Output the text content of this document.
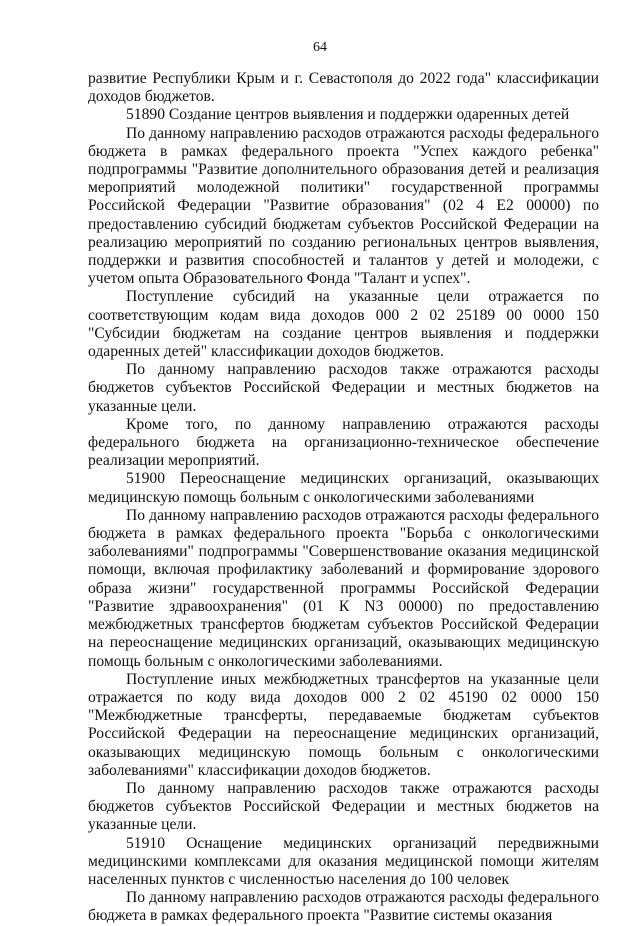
64

развитие Республики Крым и г. Севастополя до 2022 года" классификации доходов бюджетов.

51890 Создание центров выявления и поддержки одаренных детей

По данному направлению расходов отражаются расходы федерального бюджета в рамках федерального проекта "Успех каждого ребенка" подпрограммы "Развитие дополнительного образования детей и реализация мероприятий молодежной политики" государственной программы Российской Федерации "Развитие образования" (02 4 E2 00000) по предоставлению субсидий бюджетам субъектов Российской Федерации на реализацию мероприятий по созданию региональных центров выявления, поддержки и развития способностей и талантов у детей и молодежи, с учетом опыта Образовательного Фонда "Талант и успех".

Поступление субсидий на указанные цели отражается по соответствующим кодам вида доходов 000 2 02 25189 00 0000 150 "Субсидии бюджетам на создание центров выявления и поддержки одаренных детей" классификации доходов бюджетов.

По данному направлению расходов также отражаются расходы бюджетов субъектов Российской Федерации и местных бюджетов на указанные цели.

Кроме того, по данному направлению отражаются расходы федерального бюджета на организационно-техническое обеспечение реализации мероприятий.

51900 Переоснащение медицинских организаций, оказывающих медицинскую помощь больным с онкологическими заболеваниями

По данному направлению расходов отражаются расходы федерального бюджета в рамках федерального проекта "Борьба с онкологическими заболеваниями" подпрограммы "Совершенствование оказания медицинской помощи, включая профилактику заболеваний и формирование здорового образа жизни" государственной программы Российской Федерации "Развитие здравоохранения" (01 К N3 00000) по предоставлению межбюджетных трансфертов бюджетам субъектов Российской Федерации на переоснащение медицинских организаций, оказывающих медицинскую помощь больным с онкологическими заболеваниями.

Поступление иных межбюджетных трансфертов на указанные цели отражается по коду вида доходов 000 2 02 45190 02 0000 150 "Межбюджетные трансферты, передаваемые бюджетам субъектов Российской Федерации на переоснащение медицинских организаций, оказывающих медицинскую помощь больным с онкологическими заболеваниями" классификации доходов бюджетов.

По данному направлению расходов также отражаются расходы бюджетов субъектов Российской Федерации и местных бюджетов на указанные цели.

51910 Оснащение медицинских организаций передвижными медицинскими комплексами для оказания медицинской помощи жителям населенных пунктов с численностью населения до 100 человек

По данному направлению расходов отражаются расходы федерального бюджета в рамках федерального проекта "Развитие системы оказания
